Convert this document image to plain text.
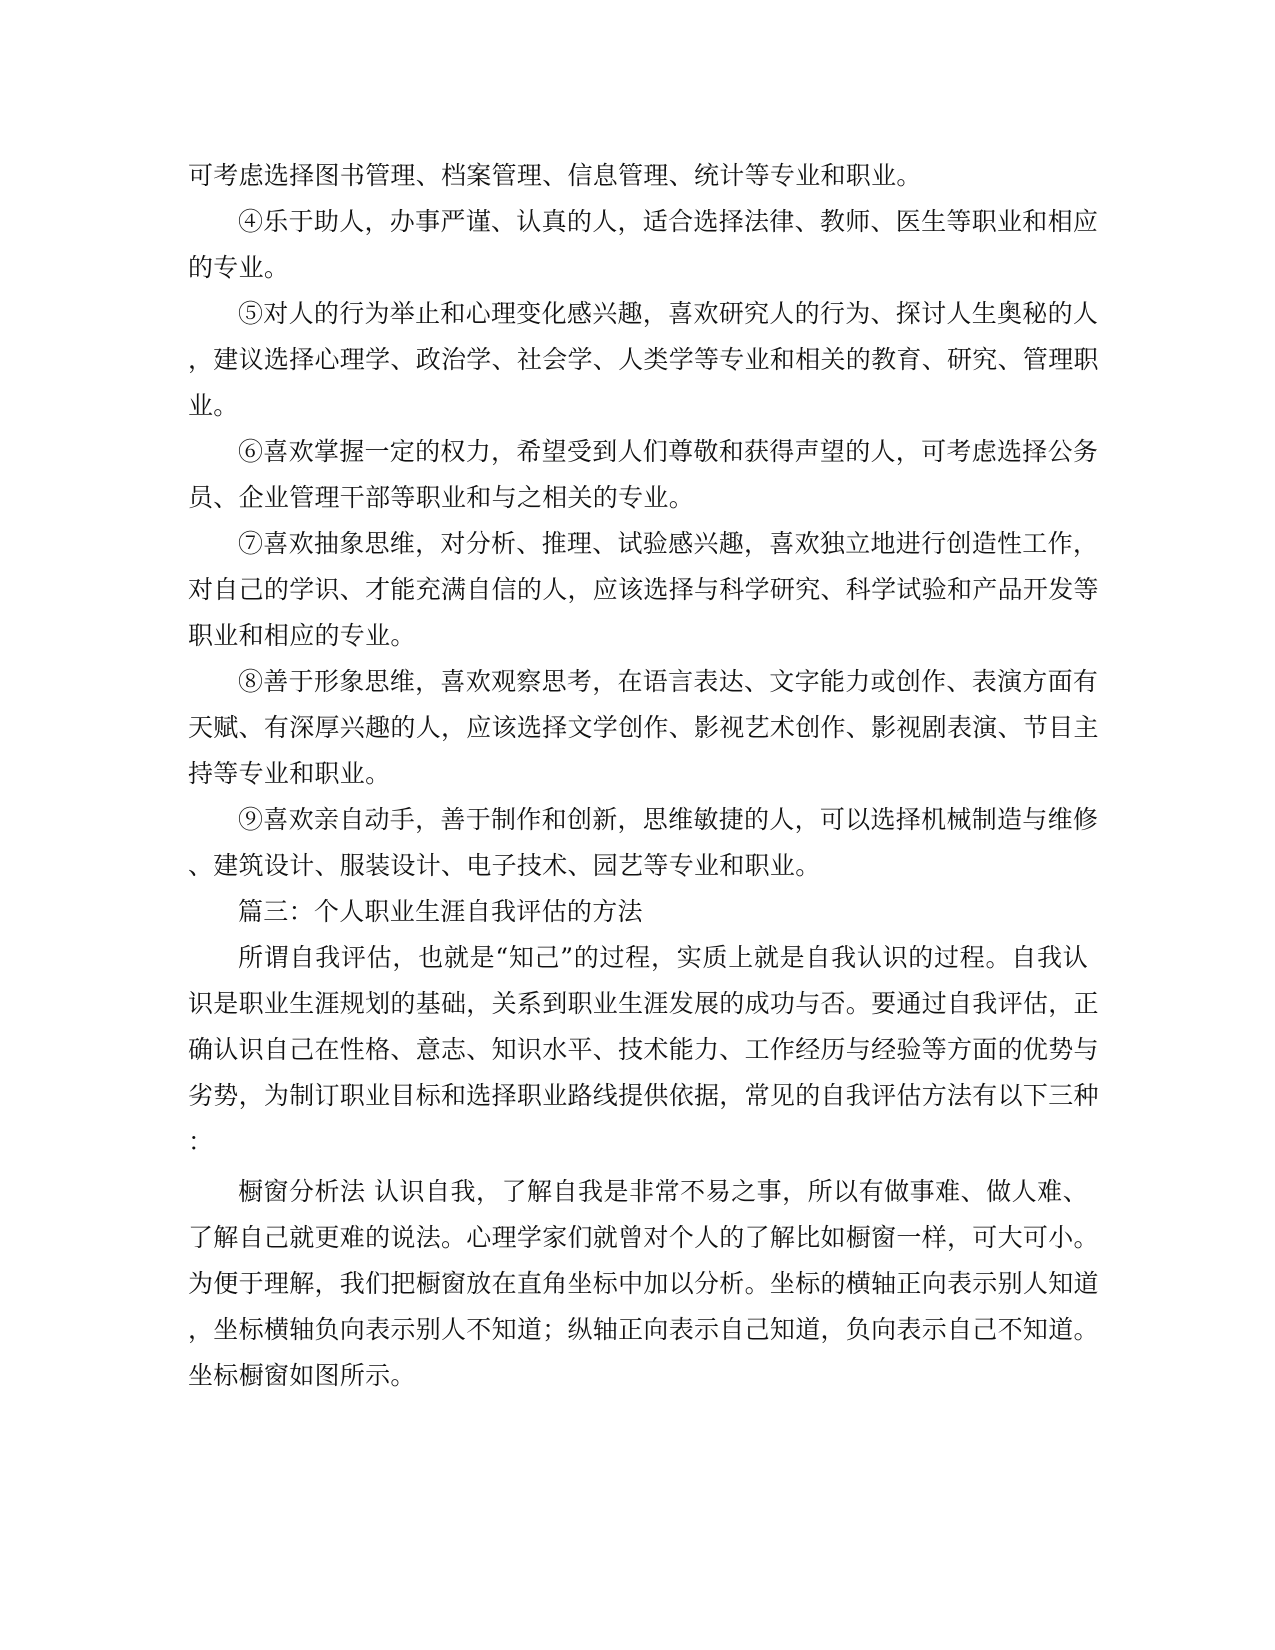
可考虑选择图书管理、档案管理、信息管理、统计等专业和职业。
④乐于助人，办事严谨、认真的人，适合选择法律、教师、医生等职业和相应
的专业。
⑤对人的行为举止和心理变化感兴趣，喜欢研究人的行为、探讨人生奥秘的人
，建议选择心理学、政治学、社会学、人类学等专业和相关的教育、研究、管理职
业。
⑥喜欢掌握一定的权力，希望受到人们尊敬和获得声望的人，可考虑选择公务
员、企业管理干部等职业和与之相关的专业。
⑦喜欢抽象思维，对分析、推理、试验感兴趣，喜欢独立地进行创造性工作，
对自己的学识、才能充满自信的人，应该选择与科学研究、科学试验和产品开发等
职业和相应的专业。
⑧善于形象思维，喜欢观察思考，在语言表达、文字能力或创作、表演方面有
天赋、有深厚兴趣的人，应该选择文学创作、影视艺术创作、影视剧表演、节目主
持等专业和职业。
⑨喜欢亲自动手，善于制作和创新，思维敏捷的人，可以选择机械制造与维修
、建筑设计、服装设计、电子技术、园艺等专业和职业。
篇三：个人职业生涯自我评估的方法
所谓自我评估，也就是“知己”的过程，实质上就是自我认识的过程。自我认
识是职业生涯规划的基础，关系到职业生涯发展的成功与否。要通过自我评估，正
确认识自己在性格、意志、知识水平、技术能力、工作经历与经验等方面的优势与
劣势，为制订职业目标和选择职业路线提供依据，常见的自我评估方法有以下三种
：
橱窗分析法 认识自我，了解自我是非常不易之事，所以有做事难、做人难、
了解自己就更难的说法。心理学家们就曾对个人的了解比如橱窗一样，可大可小。
为便于理解，我们把橱窗放在直角坐标中加以分析。坐标的横轴正向表示别人知道
，坐标横轴负向表示别人不知道；纵轴正向表示自己知道，负向表示自己不知道。
坐标橱窗如图所示。
